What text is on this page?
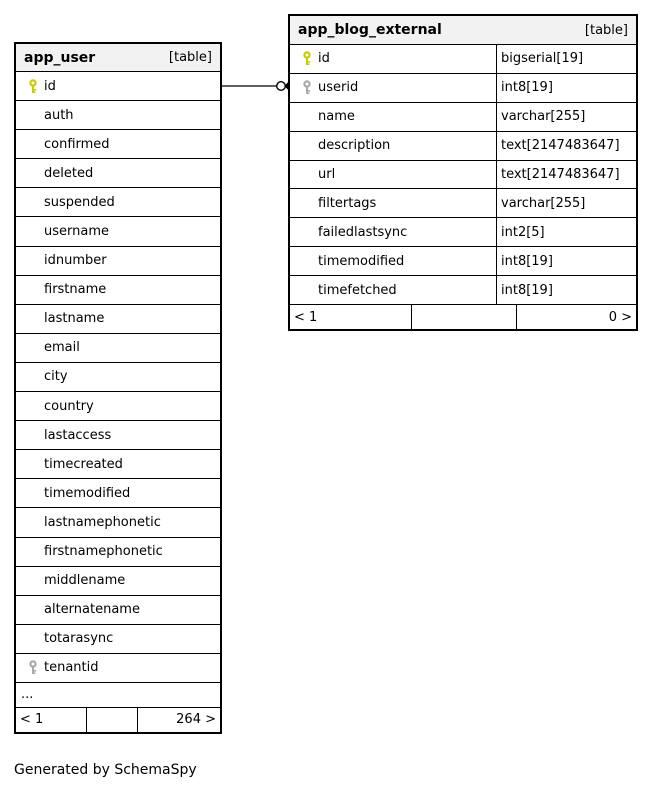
app_user	[table]
id
auth
confirmed
deleted
suspended
username
idnumber
firstname
lastname
email
city
country
lastaccess
timecreated
timemodified
lastnamephonetic
firstnamephonetic
middlename
alternatename
totarasync
tenantid
...
< 1	264 >
app_blog_external	[table]
id	bigserial[19]
userid	int8[19]
name	varchar[255]
description	text[2147483647]
url	text[2147483647]
filtertags	varchar[255]
failedlastsync	int2[5]
timemodified	int8[19]
timefetched	int8[19]
< 1	0 >
Generated by SchemaSpy
